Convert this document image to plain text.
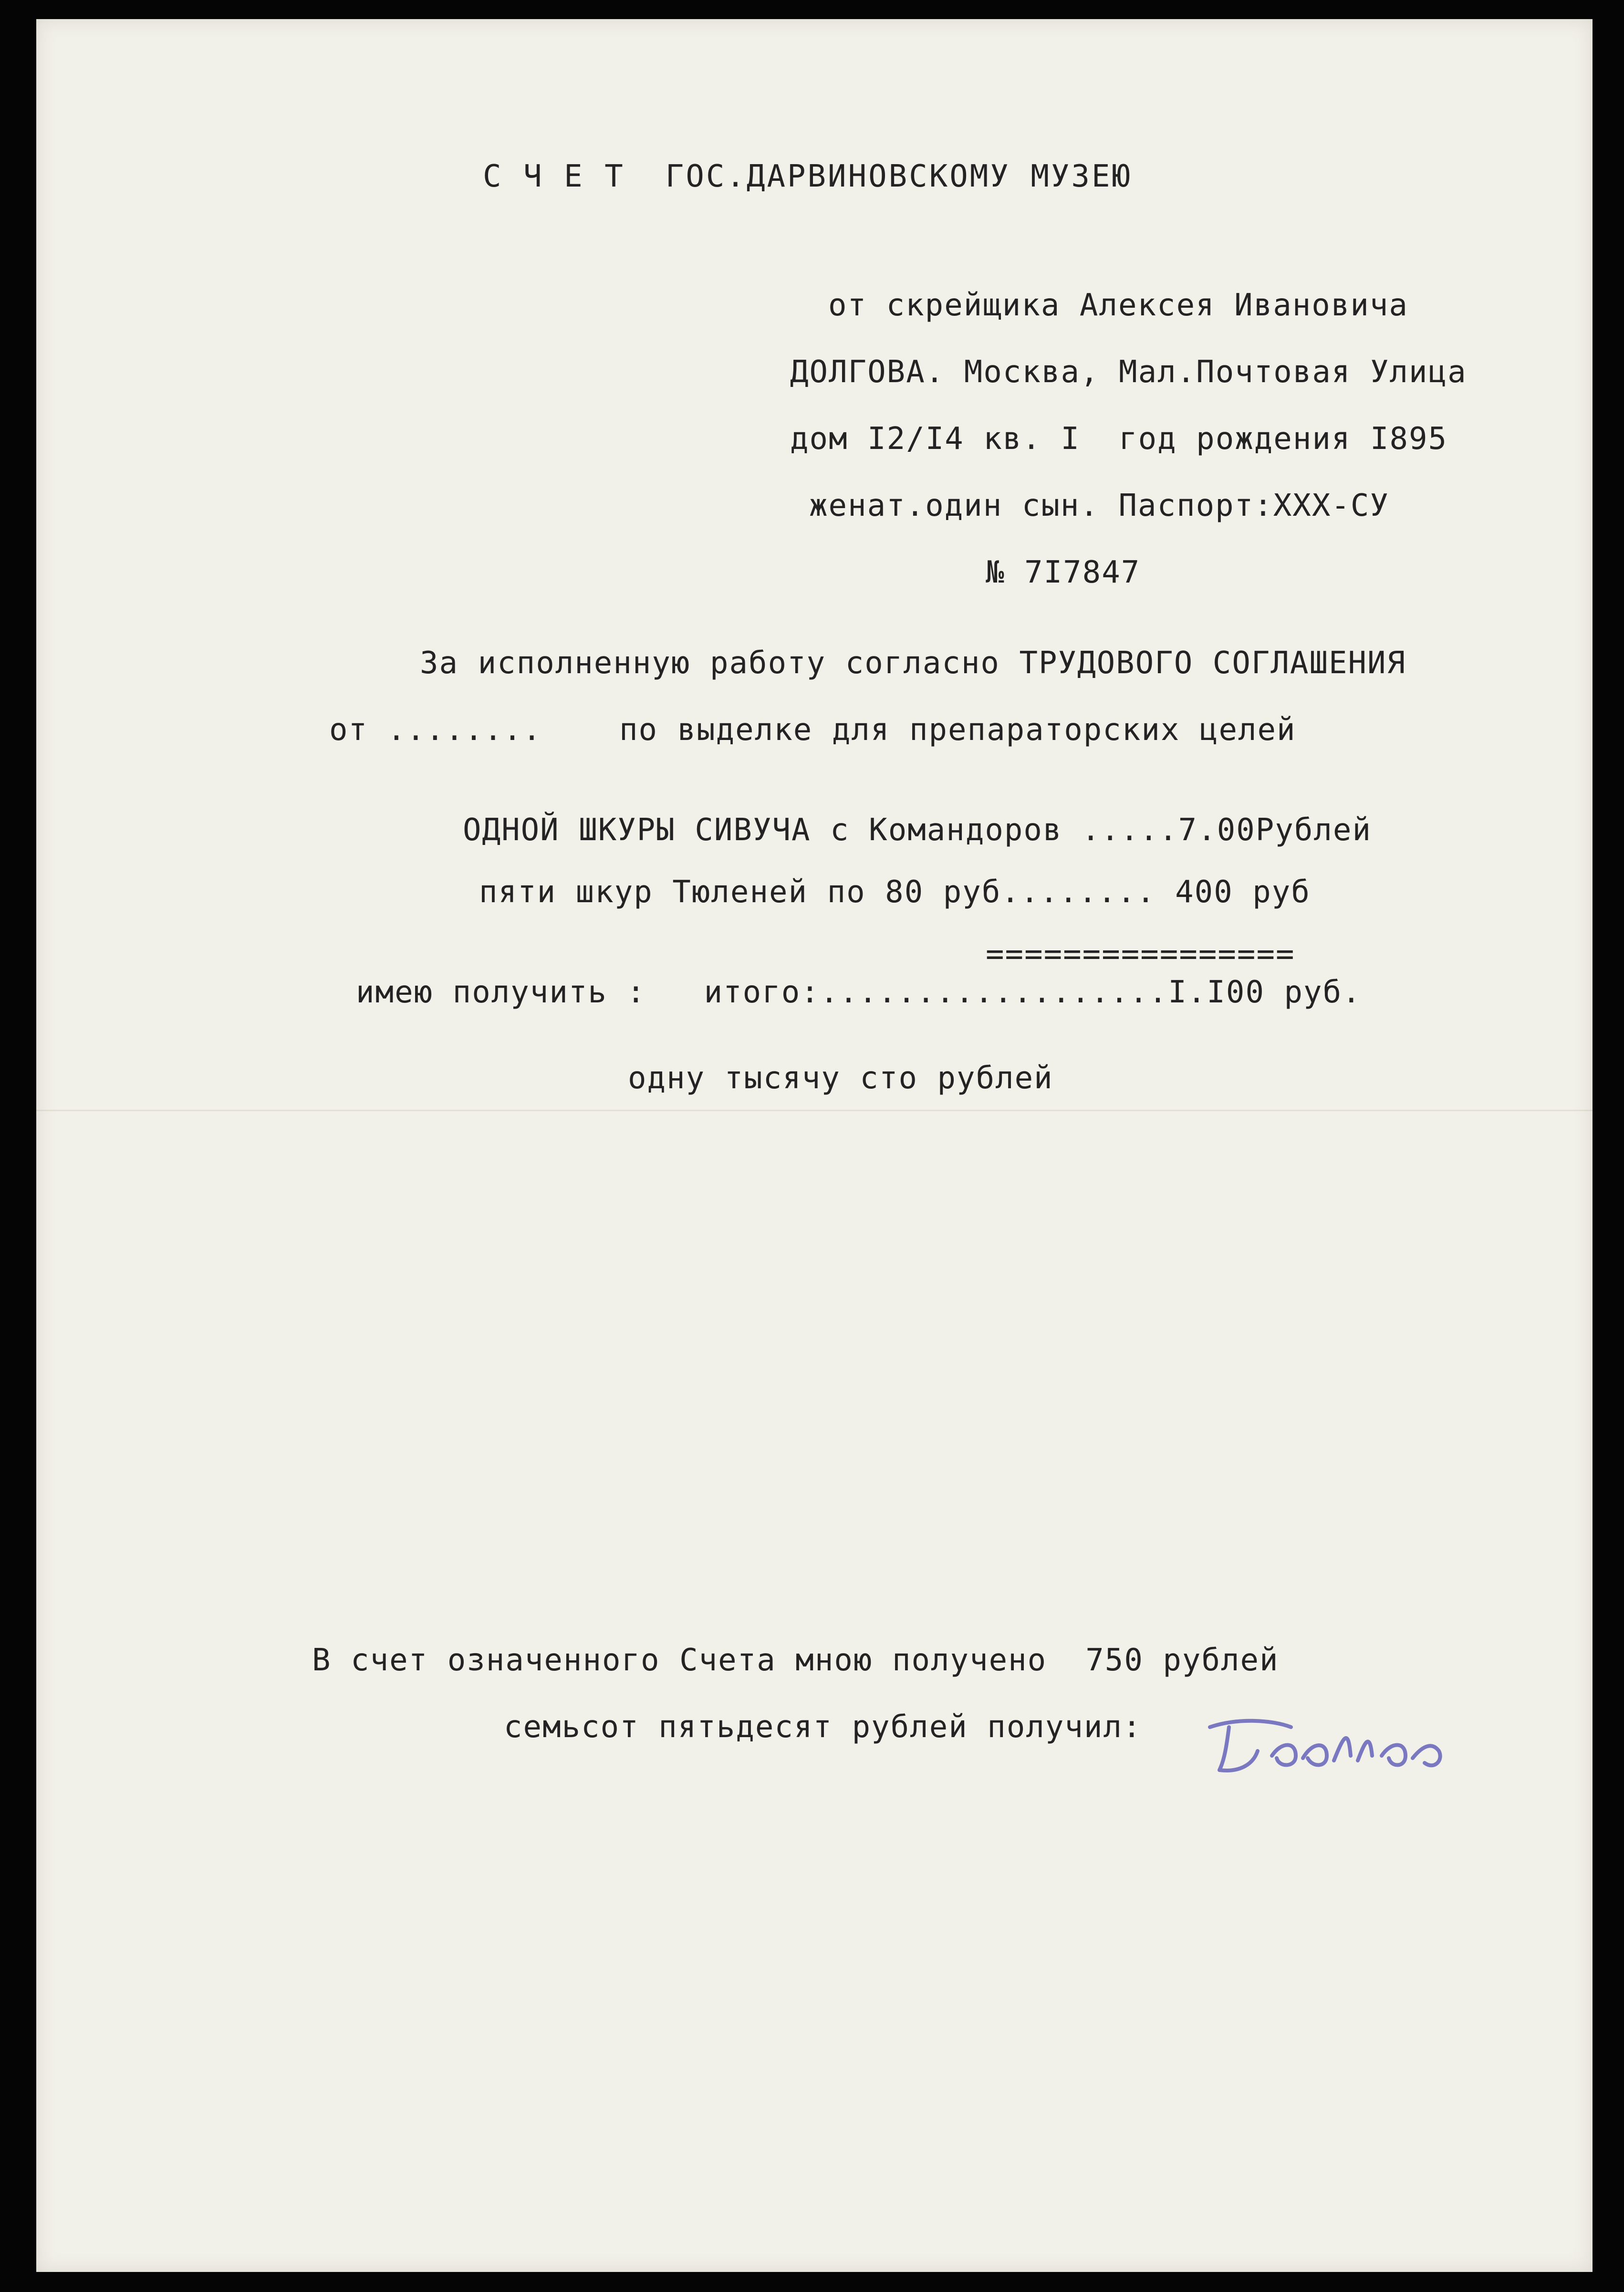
С Ч Е Т  ГОС.ДАРВИНОВСКОМУ МУЗЕЮ
от скрейщика Алексея Ивановича
ДОЛГОВА. Москва, Мал.Почтовая Улица
дом I2/I4 кв. I  год рождения I895
женат.один сын. Паспорт:XXX-СУ
№ 7I7847
За исполненную работу согласно ТРУДОВОГО СОГЛАШЕНИЯ
от ........    по выделке для препараторских целей
ОДНОЙ ШКУРЫ СИВУЧА с Командоров .....7.00Рублей
пяти шкур Тюленей по 80 руб........ 400 руб
================
имею получить :   итого:..................I.I00 руб.
одну тысячу сто рублей
В счет означенного Счета мною получено  750 рублей
семьсот пятьдесят рублей получил:
